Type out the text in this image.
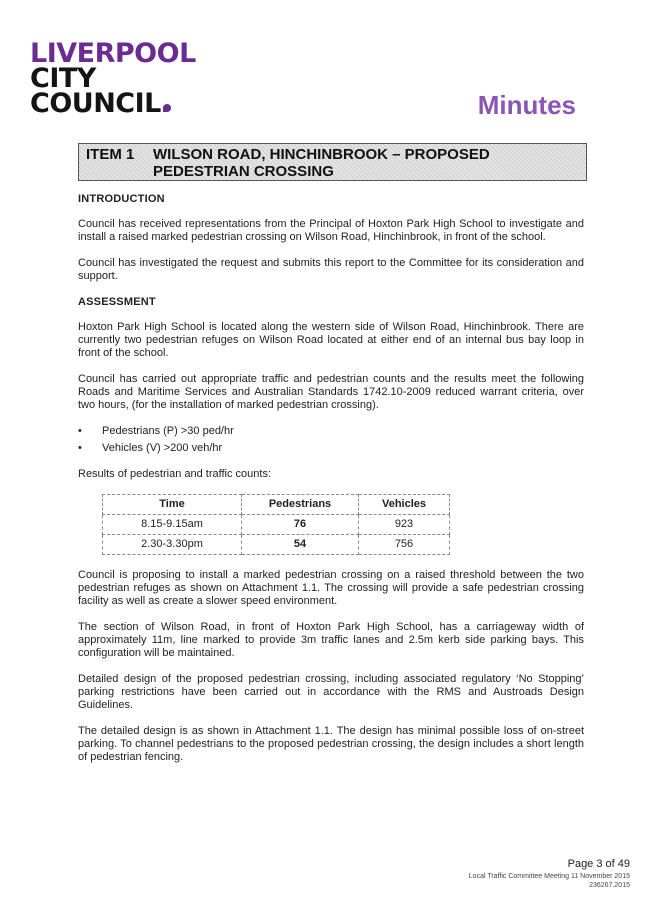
LIVERPOOL
CITY
COUNCIL	Minutes
ITEM 1 WILSON ROAD, HINCHINBROOK – PROPOSED PEDESTRIAN CROSSING
INTRODUCTION

Council has received representations from the Principal of Hoxton Park High School to investigate and install a raised marked pedestrian crossing on Wilson Road, Hinchinbrook, in front of the school.

Council has investigated the request and submits this report to the Committee for its consideration and support.

ASSESSMENT

Hoxton Park High School is located along the western side of Wilson Road, Hinchinbrook. There are currently two pedestrian refuges on Wilson Road located at either end of an internal bus bay loop in front of the school.

Council has carried out appropriate traffic and pedestrian counts and the results meet the following Roads and Maritime Services and Australian Standards 1742.10-2009 reduced warrant criteria, over two hours, (for the installation of marked pedestrian crossing).

• Pedestrians (P) >30 ped/hr
• Vehicles (V) >200 veh/hr

Results of pedestrian and traffic counts:

Time	Pedestrians	Vehicles
8.15-9.15am	76	923
2.30-3.30pm	54	756

Council is proposing to install a marked pedestrian crossing on a raised threshold between the two pedestrian refuges as shown on Attachment 1.1. The crossing will provide a safe pedestrian crossing facility as well as create a slower speed environment.

The section of Wilson Road, in front of Hoxton Park High School, has a carriageway width of approximately 11m, line marked to provide 3m traffic lanes and 2.5m kerb side parking bays. This configuration will be maintained.

Detailed design of the proposed pedestrian crossing, including associated regulatory ‘No Stopping’ parking restrictions have been carried out in accordance with the RMS and Austroads Design Guidelines.

The detailed design is as shown in Attachment 1.1. The design has minimal possible loss of on-street parking. To channel pedestrians to the proposed pedestrian crossing, the design includes a short length of pedestrian fencing.

Page 3 of 49
Local Traffic Committee Meeting 11 November 2015
236267.2015
